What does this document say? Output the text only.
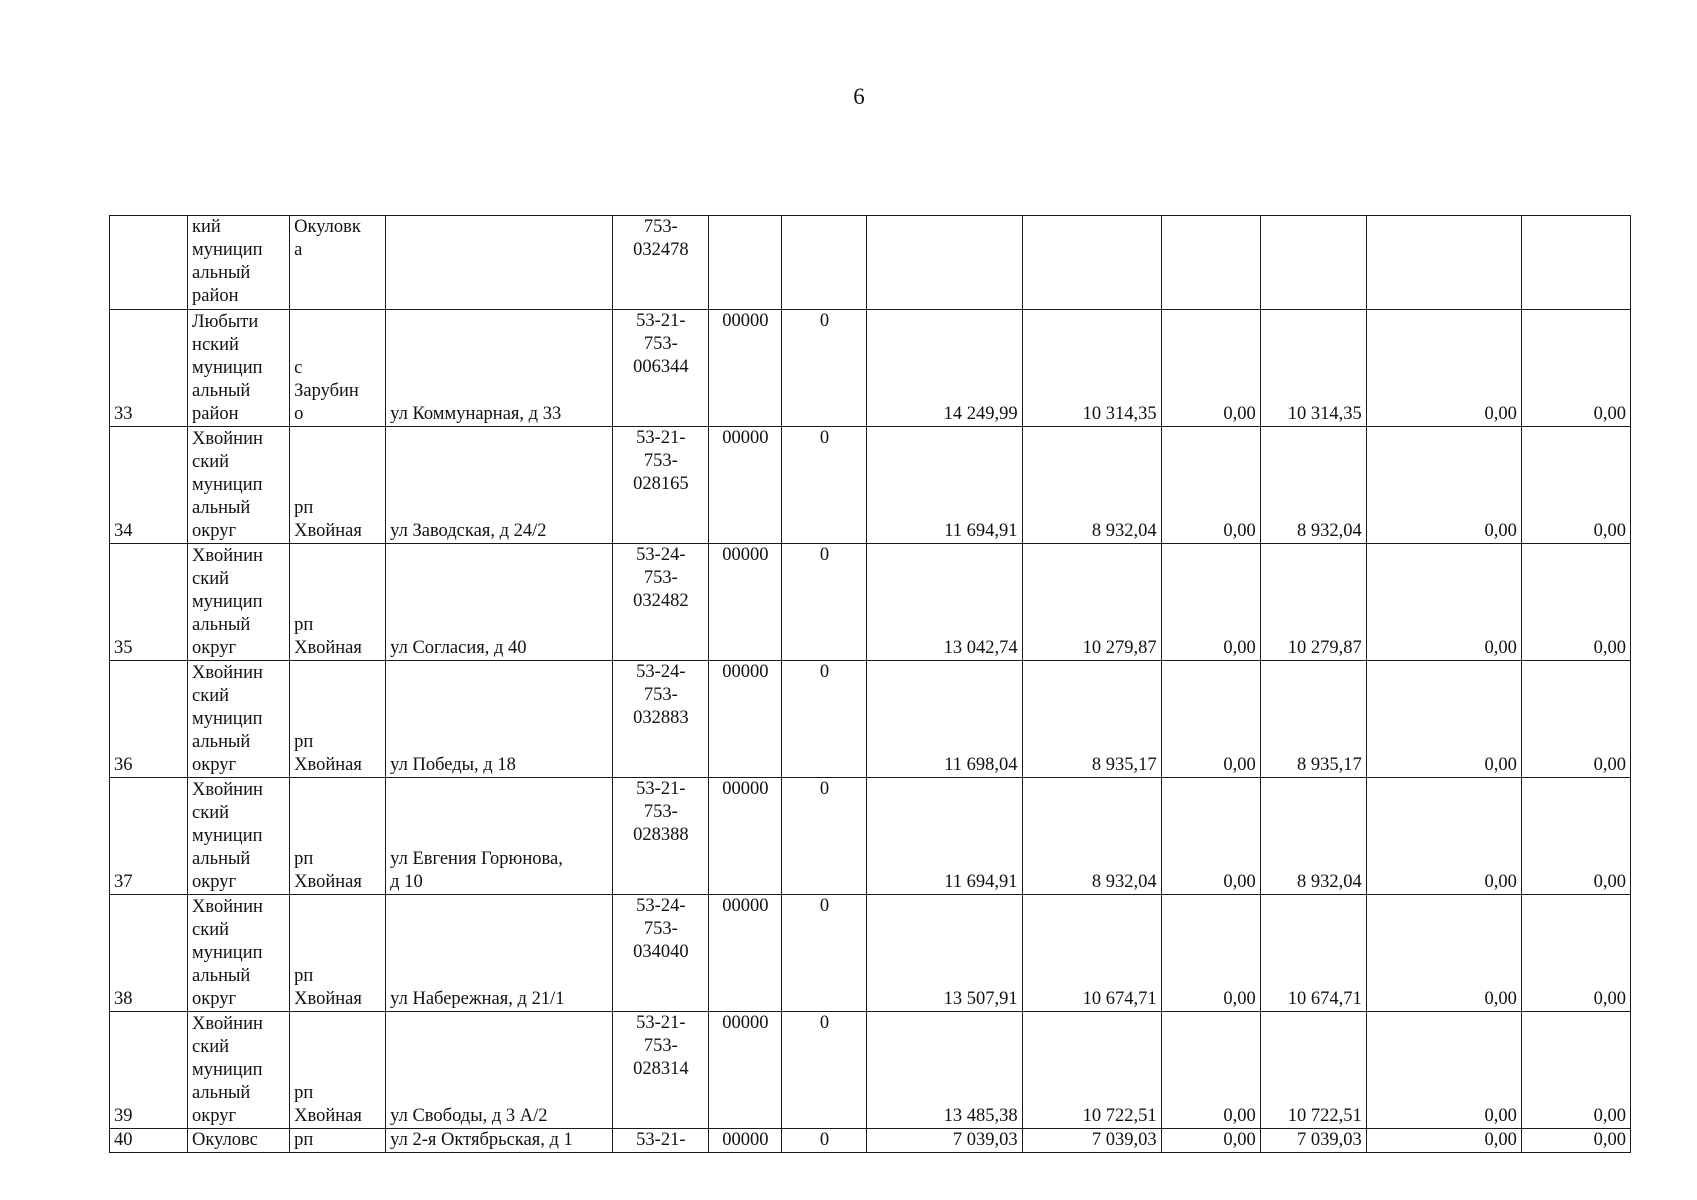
6
	кий
муницип
альный
район	Окуловк
а		753-
032478								
33	Любыти
нский
муницип
альный
район	с
Зарубин
о	ул Коммунарная, д 33	53-21-
753-
006344	00000	0	14 249,99	10 314,35	0,00	10 314,35	0,00	0,00
34	Хвойнин
ский
муницип
альный
округ	рп
Хвойная	ул Заводская, д 24/2	53-21-
753-
028165	00000	0	11 694,91	8 932,04	0,00	8 932,04	0,00	0,00
35	Хвойнин
ский
муницип
альный
округ	рп
Хвойная	ул Согласия, д 40	53-24-
753-
032482	00000	0	13 042,74	10 279,87	0,00	10 279,87	0,00	0,00
36	Хвойнин
ский
муницип
альный
округ	рп
Хвойная	ул Победы, д 18	53-24-
753-
032883	00000	0	11 698,04	8 935,17	0,00	8 935,17	0,00	0,00
37	Хвойнин
ский
муницип
альный
округ	рп
Хвойная	ул Евгения Горюнова,
д 10	53-21-
753-
028388	00000	0	11 694,91	8 932,04	0,00	8 932,04	0,00	0,00
38	Хвойнин
ский
муницип
альный
округ	рп
Хвойная	ул Набережная, д 21/1	53-24-
753-
034040	00000	0	13 507,91	10 674,71	0,00	10 674,71	0,00	0,00
39	Хвойнин
ский
муницип
альный
округ	рп
Хвойная	ул Свободы, д 3 А/2	53-21-
753-
028314	00000	0	13 485,38	10 722,51	0,00	10 722,51	0,00	0,00
40	Окуловс	рп	ул 2-я Октябрьская, д 1	53-21-	00000	0	7 039,03	7 039,03	0,00	7 039,03	0,00	0,00
